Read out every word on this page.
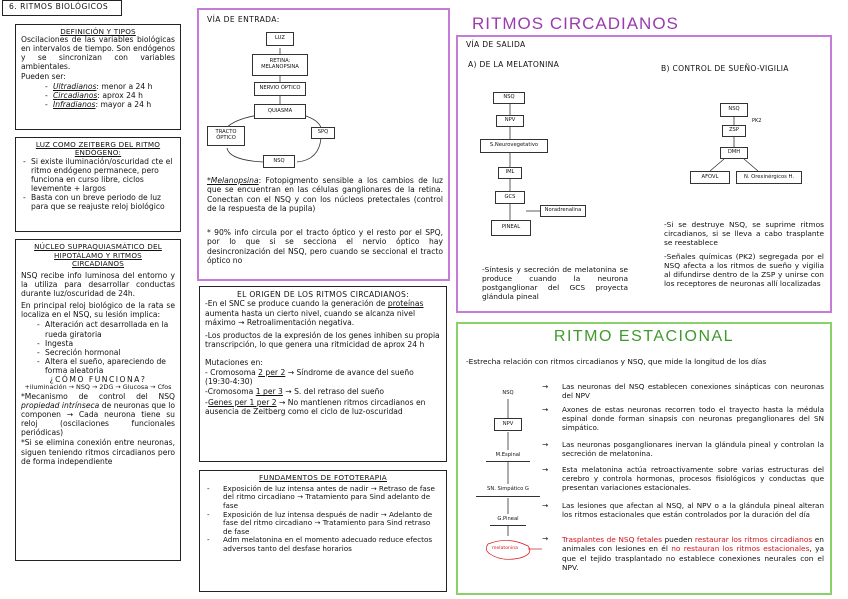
6. RITMOS BIOLÓGICOS
DEFINICIÓN Y TIPOS

Oscilaciones de las variables biológicas en intervalos de tiempo. Son endógenos y se sincronizan con variables ambientales.

Pueden ser:

- Ultradianos: menor a 24 h
- Circadianos: aprox 24 h
- Infradianos: mayor a 24 h
LUZ COMO ZEITBERG DEL RITMO ENDÓGENO:
- Si existe iluminación/oscuridad cte el ritmo endógeno permanece, pero funciona en curso libre, ciclos levemente + largos
- Basta con un breve periodo de luz para que se reajuste reloj biológico
NÚCLEO SUPRAQUIASMÁTICO DEL HIPOTÁLAMO Y RITMOS CIRCADIANOS

NSQ recibe info luminosa del entorno y la utiliza para desarrollar conductas durante luz/oscuridad de 24h.

En principal reloj biológico de la rata se localiza en el NSQ, su lesión implica:

- Alteración act desarrollada en la rueda giratoria
- Ingesta
- Secreción hormonal
- Altera el sueño, apareciendo de forma aleatoria
¿CÓMO FUNCIONA?
+iluminación → NSQ → 2DG → Glucosa → Cfos

*Mecanismo de control del NSQ propiedad intrínseca de neuronas que lo componen → Cada neurona tiene su reloj (oscilaciones funcionales periódicas)

*Si se elimina conexión entre neuronas, siguen teniendo ritmos circadianos pero de forma independiente

VÍA DE ENTRADA:
LUZ
RETINA: MELANOPSINA
NERVIO ÓPTICO
QUIASMA
TRACTO ÓPTICO
SPQ
NSQ
*Melanopsina: Fotopigmento sensible a los cambios de luz que se encuentran en las células ganglionares de la retina. Conectan con el NSQ y con los núcleos pretectales (control de la respuesta de la pupila)
* 90% info circula por el tracto óptico y el resto por el SPQ, por lo que si se secciona el nervio óptico hay desincronización del NSQ, pero cuando se seccional el tracto óptico no
EL ORIGEN DE LOS RITMOS CIRCADIANOS:

-En el SNC se produce cuando la generación de proteínas aumenta hasta un cierto nivel, cuando se alcanza nivel máximo → Retroalimentación negativa.

-Los productos de la expresión de los genes inhiben su propia transcripción, lo que genera una ritmicidad de aprox 24 h

Mutaciones en:

- Cromosoma 2 per 2 → Síndrome de avance del sueño (19:30-4:30)

-Cromosoma 1 per 3 → S. del retraso del sueño

-Genes per 1 per 2 → No mantienen ritmos circadianos en ausencia de Zeitberg como el ciclo de luz-oscuridad

FUNDAMENTOS DE FOTOTERAPIA
- Exposición de luz intensa antes de nadir → Retraso de fase del ritmo circadiano → Tratamiento para Sind adelanto de fase
- Exposición de luz intensa después de nadir → Adelanto de fase del ritmo circadiano → Tratamiento para Sind retraso de fase
- Adm melatonina en el momento adecuado reduce efectos adversos tanto del desfase horarios
RITMOS CIRCADIANOS
VÍA DE SALIDA
A) DE LA MELATONINA	B) CONTROL DE SUEÑO-VIGILIA
NSQ
NPV
S.Neurovegetativo
IML
GCS
Noradrenalina
PINEAL
NSQ
ZSP
PK2
DMH
AFOVL	N. Orexinérgicos H.
-Síntesis y secreción de melatonina se produce cuando la neurona postganglionar del GCS proyecta glándula pineal
-Si se destruye NSQ, se suprime ritmos circadianos, si se lleva a cabo trasplante se reestablece
-Señales químicas (PK2) segregada por el NSQ afecta a los ritmos de sueño y vigilia al difundirse dentro de la ZSP y unirse con los receptores de neuronas allí localizadas
RITMO ESTACIONAL
-Estrecha relación con ritmos circadianos y NSQ, que mide la longitud de los días
NSQ
NPV
M.Espinal
SN. Simpático G
G.Pineal
melatonina
→
→
→
→
→
→
Las neuronas del NSQ establecen conexiones sinápticas con neuronas del NPV
Axones de estas neuronas recorren todo el trayecto hasta la médula espinal donde forman sinapsis con neuronas preganglionares del SN simpático.
Las neuronas posganglionares inervan la glándula pineal y controlan la secreción de melatonina.
Esta melatonina actúa retroactivamente sobre varias estructuras del cerebro y controla hormonas, procesos fisiológicos y conductas que presentan variaciones estacionales.
Las lesiones que afectan al NSQ, al NPV o a la glándula pineal alteran los ritmos estacionales que están controlados por la duración del día
Trasplantes de NSQ fetales pueden restaurar los ritmos circadianos en animales con lesiones en él no restauran los ritmos estacionales, ya que el tejido trasplantado no establece conexiones neurales con el NPV.
